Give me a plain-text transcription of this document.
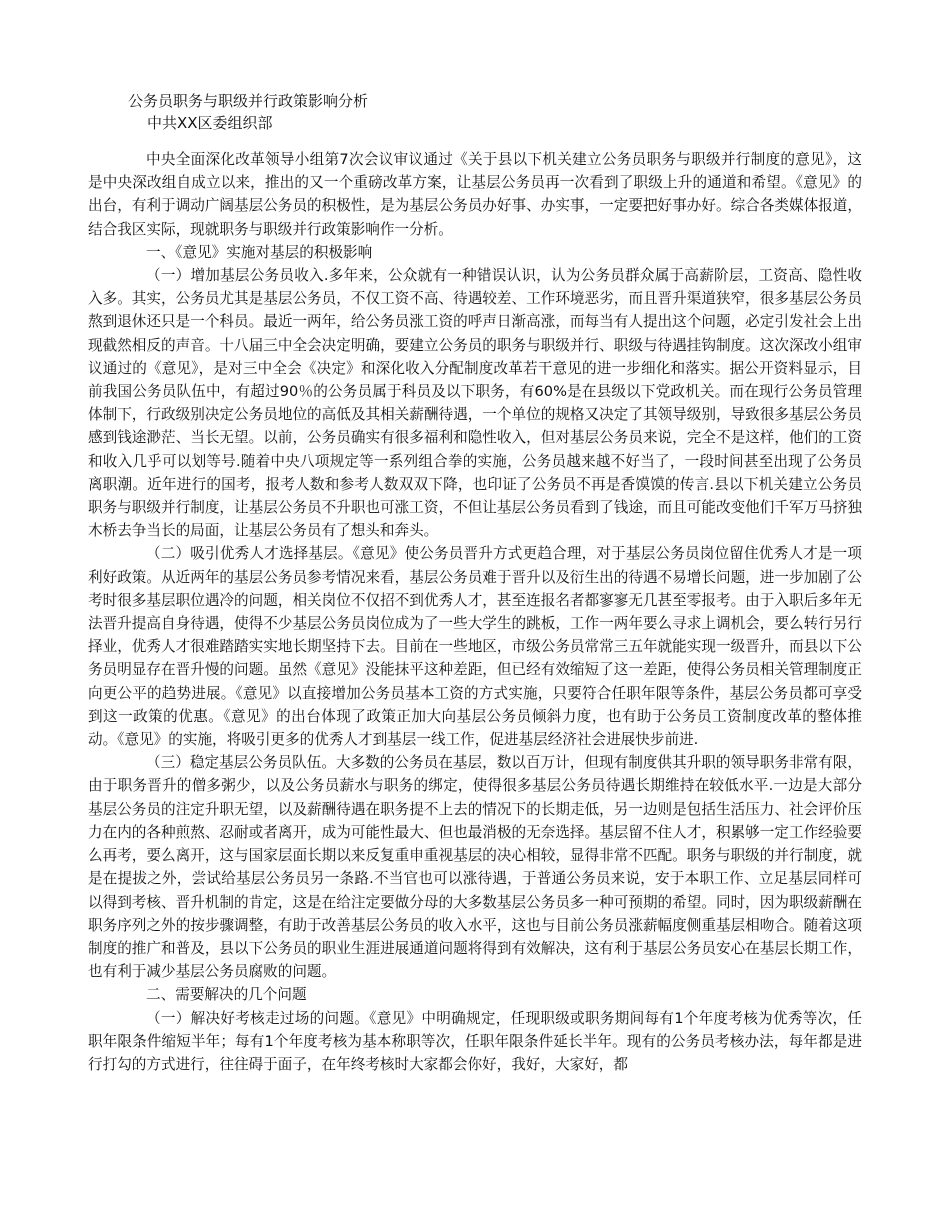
公务员职务与职级并行政策影响分析
中共XX区委组织部

中央全面深化改革领导小组第7次会议审议通过《关于县以下机关建立公务员职务与职级并行制度的意见》，这是中央深改组自成立以来，推出的又一个重磅改革方案，让基层公务员再一次看到了职级上升的通道和希望。《意见》的出台，有利于调动广阔基层公务员的积极性，是为基层公务员办好事、办实事，一定要把好事办好。综合各类媒体报道，结合我区实际，现就职务与职级并行政策影响作一分析。

一、《意见》实施对基层的积极影响

（一）增加基层公务员收入.多年来，公众就有一种错误认识，认为公务员群众属于高薪阶层，工资高、隐性收入多。其实，公务员尤其是基层公务员，不仅工资不高、待遇较差、工作环境恶劣，而且晋升渠道狭窄，很多基层公务员熬到退休还只是一个科员。最近一两年，给公务员涨工资的呼声日渐高涨，而每当有人提出这个问题，必定引发社会上出现截然相反的声音。十八届三中全会决定明确，要建立公务员的职务与职级并行、职级与待遇挂钩制度。这次深改小组审议通过的《意见》，是对三中全会《决定》和深化收入分配制度改革若干意见的进一步细化和落实。据公开资料显示，目前我国公务员队伍中，有超过90％的公务员属于科员及以下职务，有60%是在县级以下党政机关。而在现行公务员管理体制下，行政级别决定公务员地位的高低及其相关薪酬待遇，一个单位的规格又决定了其领导级别，导致很多基层公务员感到钱途渺茫、当长无望。以前，公务员确实有很多福利和隐性收入，但对基层公务员来说，完全不是这样，他们的工资和收入几乎可以划等号.随着中央八项规定等一系列组合拳的实施，公务员越来越不好当了，一段时间甚至出现了公务员离职潮。近年进行的国考，报考人数和参考人数双双下降，也印证了公务员不再是香馍馍的传言.县以下机关建立公务员职务与职级并行制度，让基层公务员不升职也可涨工资，不但让基层公务员看到了钱途，而且可能改变他们千军万马挤独木桥去争当长的局面，让基层公务员有了想头和奔头。

（二）吸引优秀人才选择基层。《意见》使公务员晋升方式更趋合理，对于基层公务员岗位留住优秀人才是一项利好政策。从近两年的基层公务员参考情况来看，基层公务员难于晋升以及衍生出的待遇不易增长问题，进一步加剧了公考时很多基层职位遇冷的问题，相关岗位不仅招不到优秀人才，甚至连报名者都寥寥无几甚至零报考。由于入职后多年无法晋升提高自身待遇，使得不少基层公务员岗位成为了一些大学生的跳板，工作一两年要么寻求上调机会，要么转行另行择业，优秀人才很难踏踏实实地长期坚持下去。目前在一些地区，市级公务员常常三五年就能实现一级晋升，而县以下公务员明显存在晋升慢的问题。虽然《意见》没能抹平这种差距，但已经有效缩短了这一差距，使得公务员相关管理制度正向更公平的趋势进展。《意见》以直接增加公务员基本工资的方式实施，只要符合任职年限等条件，基层公务员都可享受到这一政策的优惠。《意见》的出台体现了政策正加大向基层公务员倾斜力度，也有助于公务员工资制度改革的整体推动。《意见》的实施，将吸引更多的优秀人才到基层一线工作，促进基层经济社会进展快步前进.

（三）稳定基层公务员队伍。大多数的公务员在基层，数以百万计，但现有制度供其升职的领导职务非常有限，由于职务晋升的僧多粥少，以及公务员薪水与职务的绑定，使得很多基层公务员待遇长期维持在较低水平.一边是大部分基层公务员的注定升职无望，以及薪酬待遇在职务提不上去的情况下的长期走低，另一边则是包括生活压力、社会评价压力在内的各种煎熬、忍耐或者离开，成为可能性最大、但也最消极的无奈选择。基层留不住人才，积累够一定工作经验要么再考，要么离开，这与国家层面长期以来反复重申重视基层的决心相较，显得非常不匹配。职务与职级的并行制度，就是在提拔之外，尝试给基层公务员另一条路.不当官也可以涨待遇，于普通公务员来说，安于本职工作、立足基层同样可以得到考核、晋升机制的肯定，这是在给注定要做分母的大多数基层公务员多一种可预期的希望。同时，因为职级薪酬在职务序列之外的按步骤调整，有助于改善基层公务员的收入水平，这也与目前公务员涨薪幅度侧重基层相吻合。随着这项制度的推广和普及，县以下公务员的职业生涯进展通道问题将得到有效解决，这有利于基层公务员安心在基层长期工作，也有利于减少基层公务员腐败的问题。

二、需要解决的几个问题

（一）解决好考核走过场的问题。《意见》中明确规定，任现职级或职务期间每有1个年度考核为优秀等次，任职年限条件缩短半年；每有1个年度考核为基本称职等次，任职年限条件延长半年。现有的公务员考核办法，每年都是进行打勾的方式进行，往往碍于面子，在年终考核时大家都会你好，我好，大家好，都
